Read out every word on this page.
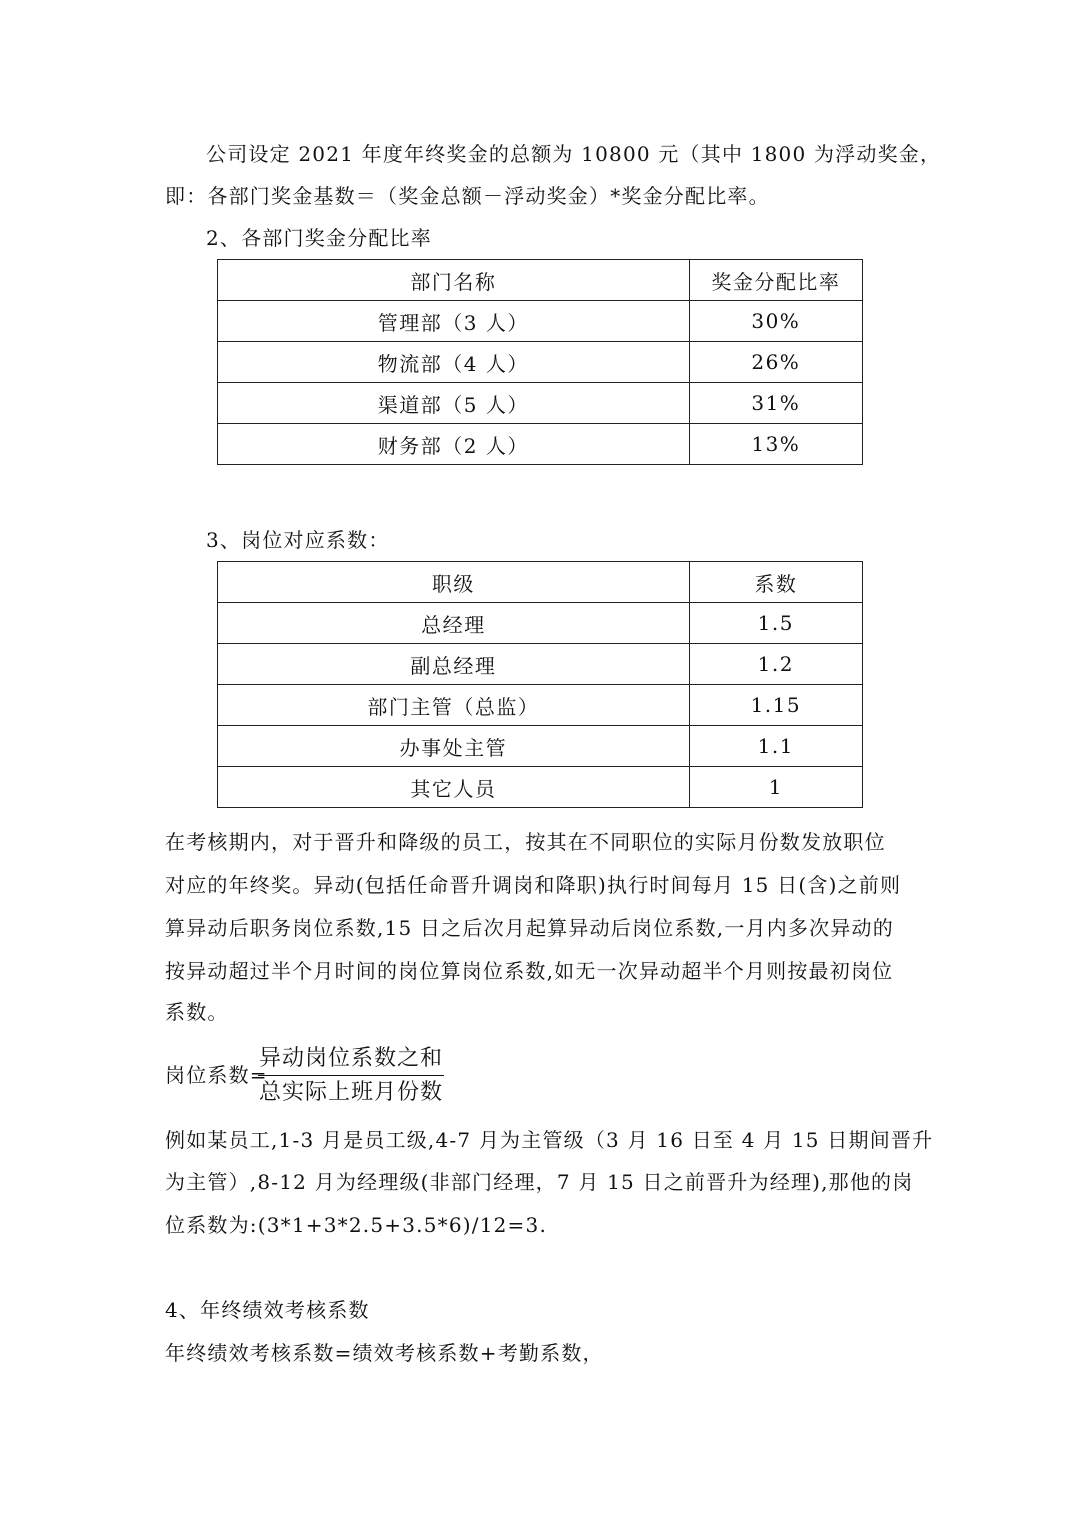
公司设定 2021 年度年终奖金的总额为 10800 元（其中 1800 为浮动奖金，
即：各部门奖金基数＝（奖金总额－浮动奖金）*奖金分配比率。
2、各部门奖金分配比率
部门名称	奖金分配比率
管理部（3 人）	30%
物流部（4 人）	26%
渠道部（5 人）	31%
财务部（2 人）	13%
3、岗位对应系数：
职级	系数
总经理	1.5
副总经理	1.2
部门主管（总监）	1.15
办事处主管	1.1
其它人员	1
在考核期内，对于晋升和降级的员工，按其在不同职位的实际月份数发放职位
对应的年终奖。异动(包括任命晋升调岗和降职)执行时间每月 15 日(含)之前则
算异动后职务岗位系数,15 日之后次月起算异动后岗位系数,一月内多次异动的
按异动超过半个月时间的岗位算岗位系数,如无一次异动超半个月则按最初岗位
系数。
岗位系数=
异动岗位系数之和
总实际上班月份数
例如某员工,1-3 月是员工级,4-7 月为主管级（3 月 16 日至 4 月 15 日期间晋升
为主管）,8-12 月为经理级(非部门经理，7 月 15 日之前晋升为经理),那他的岗
位系数为:(3*1+3*2.5+3.5*6)/12=3.
4、年终绩效考核系数
年终绩效考核系数=绩效考核系数+考勤系数，
